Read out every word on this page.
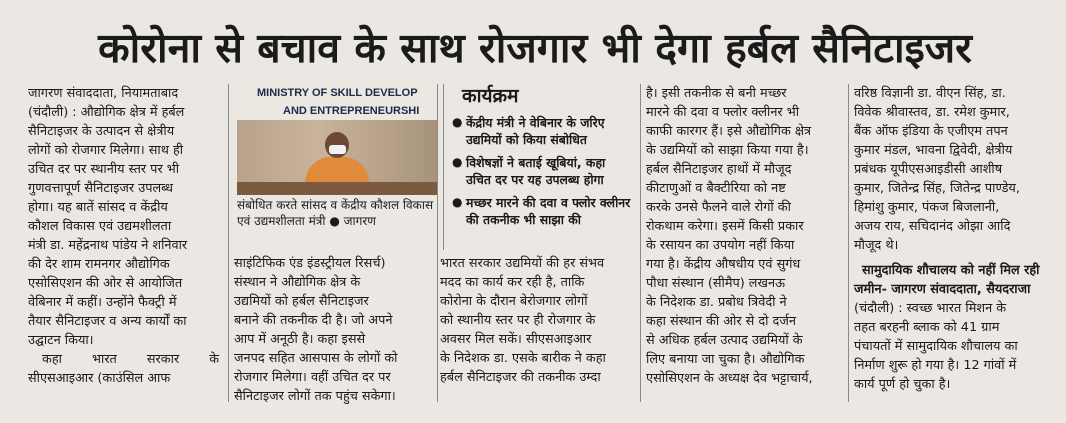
कोरोना से बचाव के साथ रोजगार भी देगा हर्बल सैनिटाइजर

जागरण संवाददाता, नियामताबाद

(चंदौली) : औद्योगिक क्षेत्र में हर्बल

सैनिटाइजर के उत्पादन से क्षेत्रीय

लोगों को रोजगार मिलेगा। साथ ही

उचित दर पर स्थानीय स्तर पर भी

गुणवत्तापूर्ण सैनिटाइजर उपलब्ध

होगा। यह बातें सांसद व केंद्रीय

कौशल विकास एवं उद्यमशीलता

मंत्री डा. महेंद्रनाथ पांडेय ने शनिवार

की देर शाम रामनगर औद्योगिक

एसोसिएशन की ओर से आयोजित

वेबिनार में कहीं। उन्होंने फैक्ट्री में

तैयार सैनिटाइजर व अन्य कार्यों का

उद्घाटन किया।

कहा भारत सरकार के

सीएसआइआर (काउंसिल आफ

MINISTRY OF SKILL DEVELOP
AND ENTREPRENEURSHI
संबोधित करते सांसद व केंद्रीय कौशल विकास एवं उद्यमशीलता मंत्री ● जागरण

साइंटिफिक एंड इंडस्ट्रीयल रिसर्च)

संस्थान ने औद्योगिक क्षेत्र के

उद्यमियों को हर्बल सैनिटाइजर

बनाने की तकनीक दी है। जो अपने

आप में अनूठी है। कहा इससे

जनपद सहित आसपास के लोगों को

रोजगार मिलेगा। वहीं उचित दर पर

सैनिटाइजर लोगों तक पहुंच सकेगा।

कार्यक्रम
● केंद्रीय मंत्री ने वेबिनार के जरिए उद्यमियों को किया संबोधित
● विशेषज्ञों ने बताई खूबियां, कहा उचित दर पर यह उपलब्ध होगा
● मच्छर मारने की दवा व फ्लोर क्लीनर की तकनीक भी साझा की

भारत सरकार उद्यमियों की हर संभव

मदद का कार्य कर रही है, ताकि

कोरोना के दौरान बेरोजगार लोगों

को स्थानीय स्तर पर ही रोजगार के

अवसर मिल सकें। सीएसआइआर

के निदेशक डा. एसके बारीक ने कहा

हर्बल सैनिटाइजर की तकनीक उम्दा

है। इसी तकनीक से बनी मच्छर

मारने की दवा व फ्लोर क्लीनर भी

काफी कारगर हैं। इसे औद्योगिक क्षेत्र

के उद्यमियों को साझा किया गया है।

हर्बल सैनिटाइजर हाथों में मौजूद

कीटाणुओं व बैक्टीरिया को नष्ट

करके उनसे फैलने वाले रोगों की

रोकथाम करेगा। इसमें किसी प्रकार

के रसायन का उपयोग नहीं किया

गया है। केंद्रीय औषधीय एवं सुगंध

पौधा संस्थान (सीमैप) लखनऊ

के निदेशक डा. प्रबोध त्रिवेदी ने

कहा संस्थान की ओर से दो दर्जन

से अधिक हर्बल उत्पाद उद्यमियों के

लिए बनाया जा चुका है। औद्योगिक

एसोसिएशन के अध्यक्ष देव भट्टाचार्य,

वरिष्ठ विज्ञानी डा. वीएन सिंह, डा.

विवेक श्रीवास्तव, डा. रमेश कुमार,

बैंक ऑफ इंडिया के एजीएम तपन

कुमार मंडल, भावना द्विवेदी, क्षेत्रीय

प्रबंधक यूपीएसआइडीसी आशीष

कुमार, जितेन्द्र सिंह, जितेन्द्र पाण्डेय,

हिमांशु कुमार, पंकज बिजलानी,

अजय राय, सचिदानंद ओझा आदि

मौजूद थे।

सामुदायिक शौचालय को नहीं मिल रही

जमीन- जागरण संवाददाता, सैयदराजा

(चंदौली) : स्वच्छ भारत मिशन के

तहत बरहनी ब्लाक को 41 ग्राम

पंचायतों में सामुदायिक शौचालय का

निर्माण शुरू हो गया है। 12 गांवों में

कार्य पूर्ण हो चुका है।
